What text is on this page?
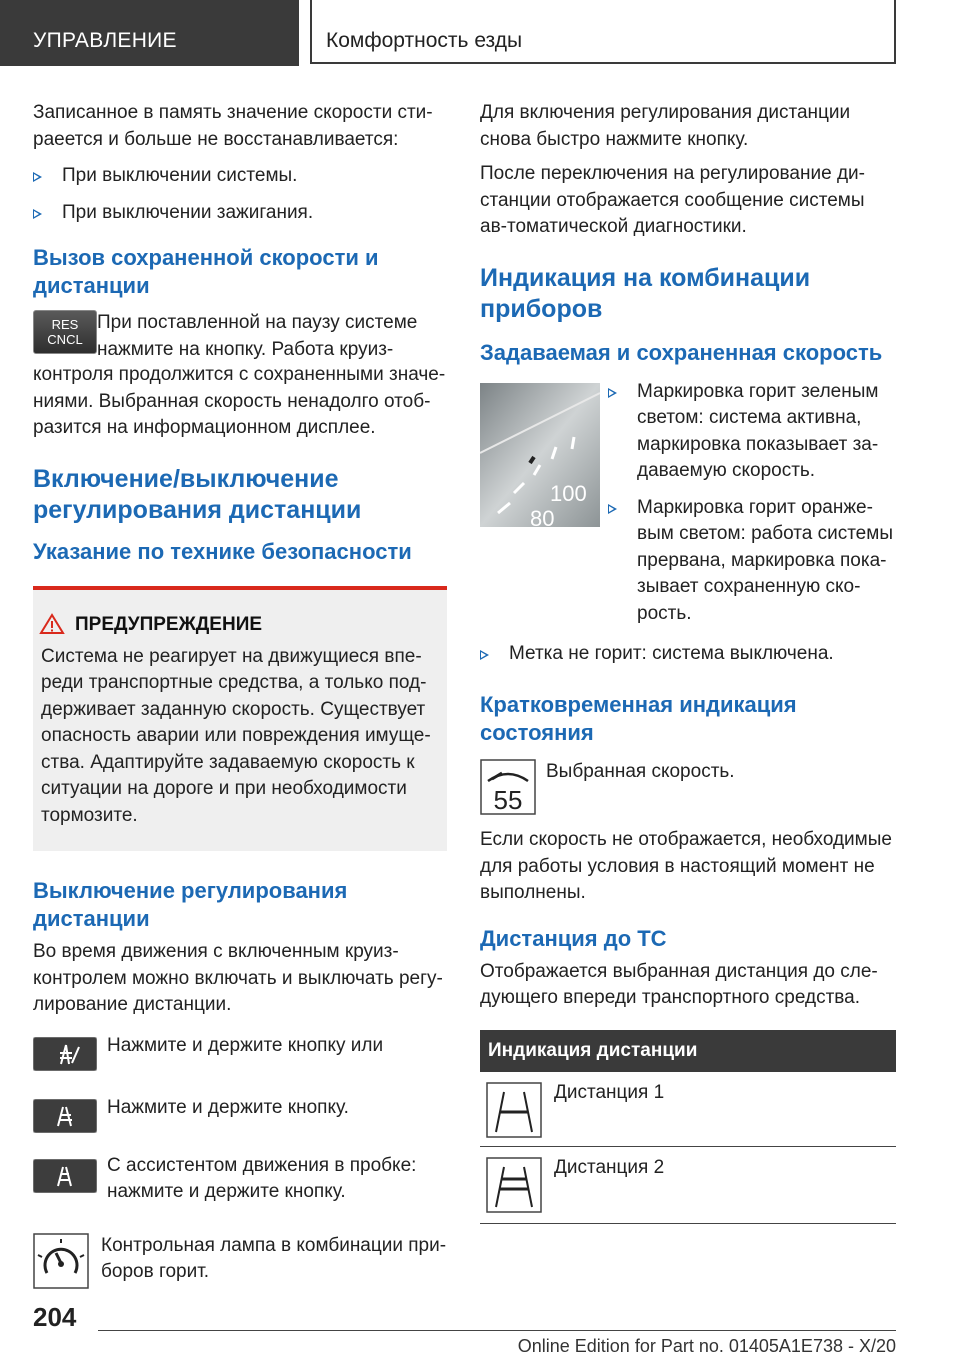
УПРАВЛЕНИЕ	Комфортность езды

Записанное в память значение скорости сти-раеется и больше не восстанавливается:

При выключении системы.
При выключении зажигания.
Вызов сохраненной скорости и дистанции
RES CNCL

При поставленной на паузу системе нажмите на кнопку. Работа круиз-

контроля продолжится с сохраненными значе-ниями. Выбранная скорость ненадолго отоб-разится на информационном дисплее.

Включение/выключение регулирования дистанции
Указание по технике безопасности
ПРЕДУПРЕЖДЕНИЕ

Система не реагирует на движущиеся впе-реди транспортные средства, а только под-держивает заданную скорость. Существует опасность аварии или повреждения имуще-ства. Адаптируйте задаваемую скорость к ситуации на дороге и при необходимости тормозите.

Выключение регулирования дистанции

Во время движения с включенным круиз-контролем можно включать и выключать регу-лирование дистанции.

Нажмите и держите кнопку или

Нажмите и держите кнопку.

С ассистентом движения в пробке: нажмите и держите кнопку.

Контрольная лампа в комбинации при-боров горит.

Для включения регулирования дистанции снова быстро нажмите кнопку.

После переключения на регулирование ди-станции отображается сообщение системы ав-томатической диагностики.

Индикация на комбинации приборов
Задаваемая и сохраненная скорость
100
80
Маркировка горит зеленым светом: система активна, маркировка показывает за-даваемую скорость.
Маркировка горит оранже-вым светом: работа системы прервана, маркировка пока-зывает сохраненную ско-рость.
Метка не горит: система выключена.
Кратковременная индикация состояния
55

Выбранная скорость.

Если скорость не отображается, необходимые для работы условия в настоящий момент не выполнены.

Дистанция до ТС

Отображается выбранная дистанция до сле-дующего впереди транспортного средства.

Индикация дистанции
Дистанция 1
Дистанция 2
204
Online Edition for Part no. 01405A1E738 - X/20
